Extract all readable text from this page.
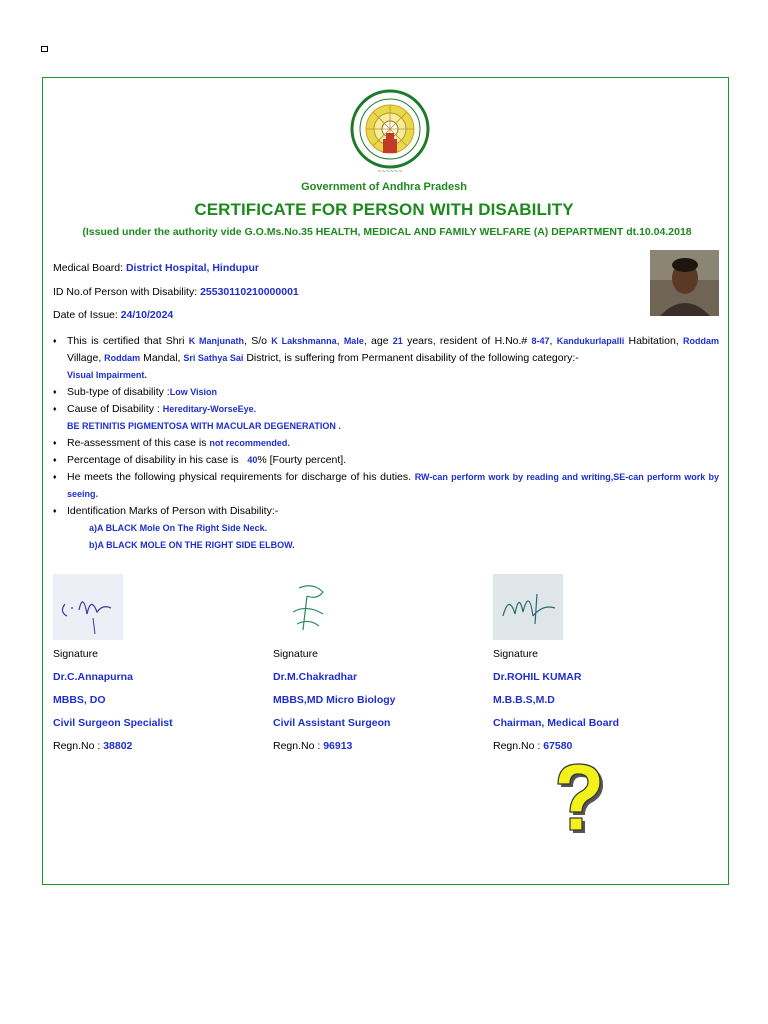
~~~~~~
Government of Andhra Pradesh
CERTIFICATE FOR PERSON WITH DISABILITY
(Issued under the authority vide G.O.Ms.No.35 HEALTH, MEDICAL AND FAMILY WELFARE (A) DEPARTMENT dt.10.04.2018
Medical Board: District Hospital, Hindupur
ID No.of Person with Disability: 25530110210000001
Date of Issue: 24/10/2024
♦ This is certified that Shri K Manjunath, S/o K Lakshmanna, Male, age 21 years, resident of H.No.# 8-47, Kandukurlapalli Habitation, Roddam Village, Roddam Mandal, Sri Sathya Sai District, is suffering from Permanent disability of the following category:-
Visual Impairment.
♦ Sub-type of disability :Low Vision
♦ Cause of Disability : Hereditary-WorseEye.
BE RETINITIS PIGMENTOSA WITH MACULAR DEGENERATION .
♦ Re-assessment of this case is not recommended.
♦ Percentage of disability in his case is   40% [Fourty percent].
♦ He meets the following physical requirements for discharge of his duties. RW-can perform work by reading and writing,SE-can perform work by seeing.
♦ Identification Marks of Person with Disability:-
a)A BLACK Mole On The Right Side Neck.
b)A BLACK MOLE ON THE RIGHT SIDE ELBOW.
Signature
Dr.C.Annapurna
MBBS, DO
Civil Surgeon Specialist
Regn.No : 38802
Signature
Dr.M.Chakradhar
MBBS,MD Micro Biology
Civil Assistant Surgeon
Regn.No : 96913
Signature
Dr.ROHIL KUMAR
M.B.B.S,M.D
Chairman, Medical Board
Regn.No : 67580
